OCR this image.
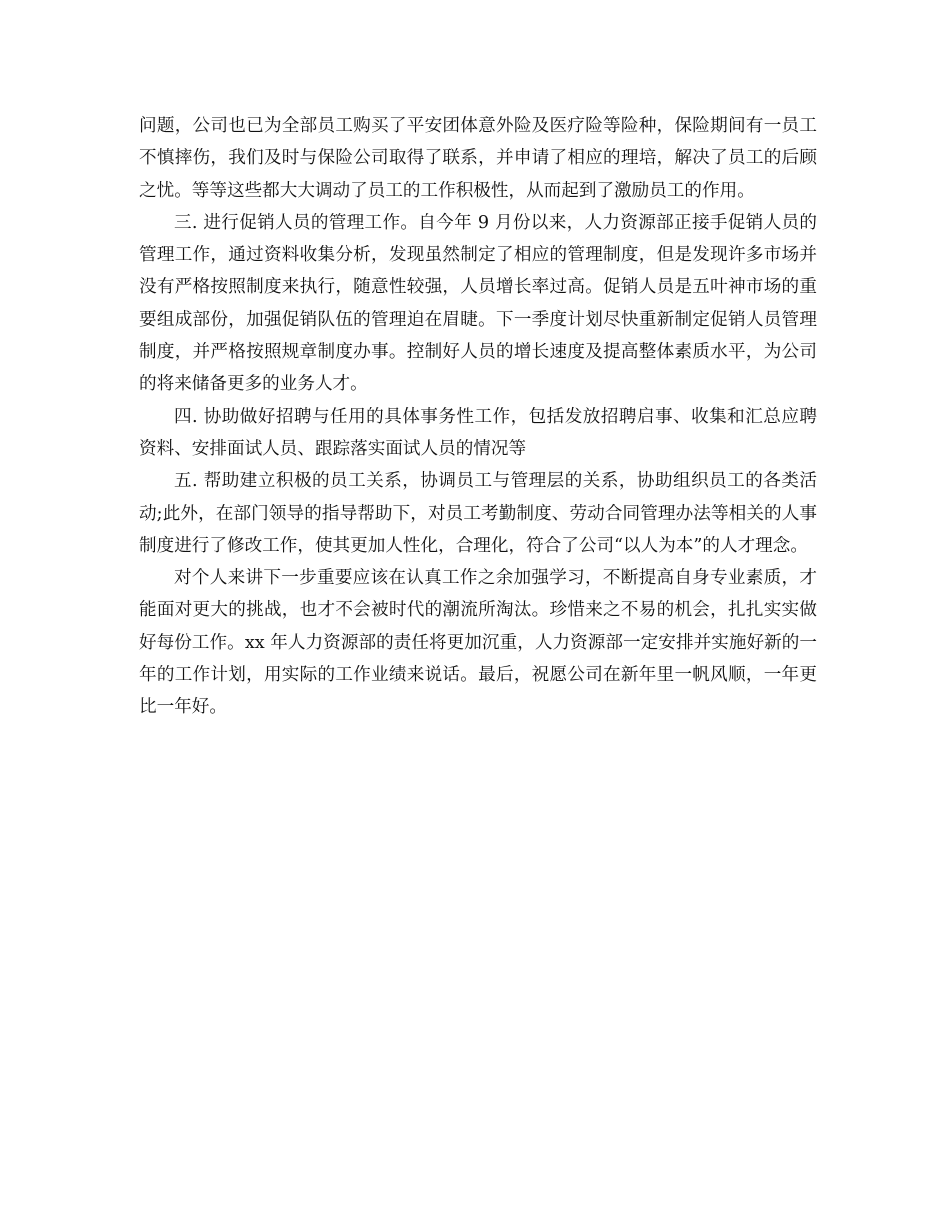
问题，公司也已为全部员工购买了平安团体意外险及医疗险等险种，保险期间有一员工不慎摔伤，我们及时与保险公司取得了联系，并申请了相应的理培，解决了员工的后顾之忧。等等这些都大大调动了员工的工作积极性，从而起到了激励员工的作用。

三. 进行促销人员的管理工作。自今年 9 月份以来，人力资源部正接手促销人员的管理工作，通过资料收集分析，发现虽然制定了相应的管理制度，但是发现许多市场并没有严格按照制度来执行，随意性较强，人员增长率过高。促销人员是五叶神市场的重要组成部份，加强促销队伍的管理迫在眉睫。下一季度计划尽快重新制定促销人员管理制度，并严格按照规章制度办事。控制好人员的增长速度及提高整体素质水平，为公司的将来储备更多的业务人才。

四. 协助做好招聘与任用的具体事务性工作，包括发放招聘启事、收集和汇总应聘资料、安排面试人员、跟踪落实面试人员的情况等

五. 帮助建立积极的员工关系，协调员工与管理层的关系，协助组织员工的各类活动;此外，在部门领导的指导帮助下，对员工考勤制度、劳动合同管理办法等相关的人事制度进行了修改工作，使其更加人性化，合理化，符合了公司“以人为本”的人才理念。

对个人来讲下一步重要应该在认真工作之余加强学习，不断提高自身专业素质，才能面对更大的挑战，也才不会被时代的潮流所淘汰。珍惜来之不易的机会，扎扎实实做好每份工作。xx 年人力资源部的责任将更加沉重，人力资源部一定安排并实施好新的一年的工作计划，用实际的工作业绩来说话。最后，祝愿公司在新年里一帆风顺，一年更比一年好。
